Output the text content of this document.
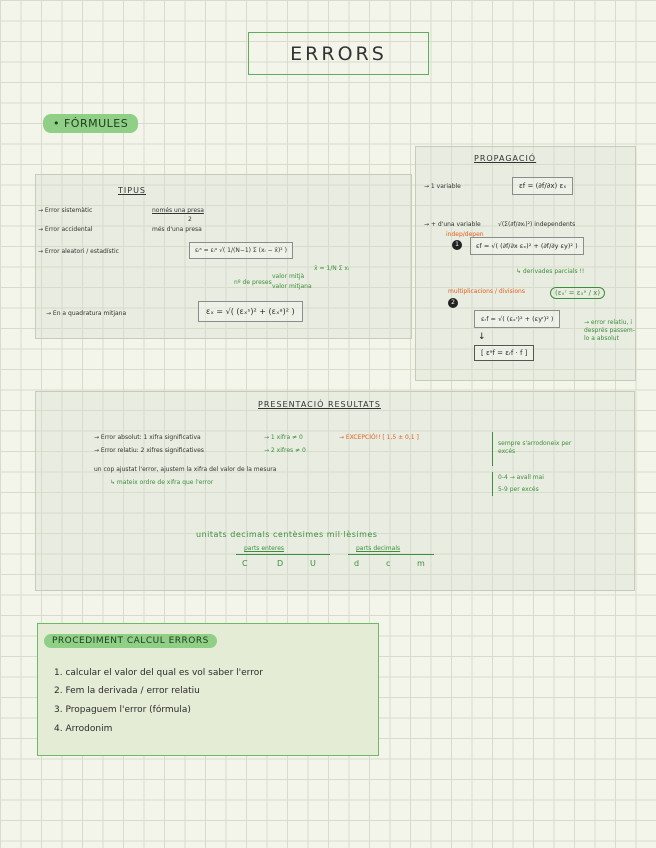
ERRORS
• FÓRMULES
TIPUS
→ Error sistemàtic	només una presa
2
→ Error accidental	més d'una presa
→ Error aleatori / estadístic	εᵢᵃ = εᵢᵃ √( 1/(N−1) Σ (xᵢ − x̄)² )
nº de preses
valor mitjà
x̄ = 1/N Σ xᵢ
valor mitjana
→ En a quadratura mitjana	εₓ = √( (εₓˢ)² + (εₓᵃ)² )
PROPAGACIÓ
→ 1 variable	εf = (∂f/∂x) εₓ
→ + d'una variable	√(Σ(∂f/∂xᵢ)²) independents
indep/depen
1	εf = √( (∂f/∂x εₓ)² + (∂f/∂y εy)² )
↳ derivades parcials !!
multiplicacions / divisions
2
(εₓʳ = εₓᵃ / x)
εᵣf = √( (εₓʳ)² + (εyʳ)² )	→ error relatiu, i després passem-lo a absolut
↓
[ εᵃf = εᵣf · f ]
PRESENTACIÓ RESULTATS
→ Error absolut: 1 xifra significativa	→ 1 xifra ≠ 0	→ EXCEPCIÓ!! [ 1,5 ± 0,1 ]
→ Error relatiu: 2 xifres significatives	→ 2 xifres ≠ 0
un cop ajustat l'error, ajustem la xifra del valor de la mesura
↳ mateix ordre de xifra que l'error
sempre s'arrodoneix per excés
0-4 → avall mai
5-9 per excés
unitats decimals centèsimes mil·lèsimes
parts enteres
C	D	U
parts decimals
d	c	m
PROCEDIMENT CALCUL ERRORS
1. calcular el valor del qual es vol saber l'error
2. Fem la derivada / error relatiu
3. Propaguem l'error (fórmula)
4. Arrodonim
